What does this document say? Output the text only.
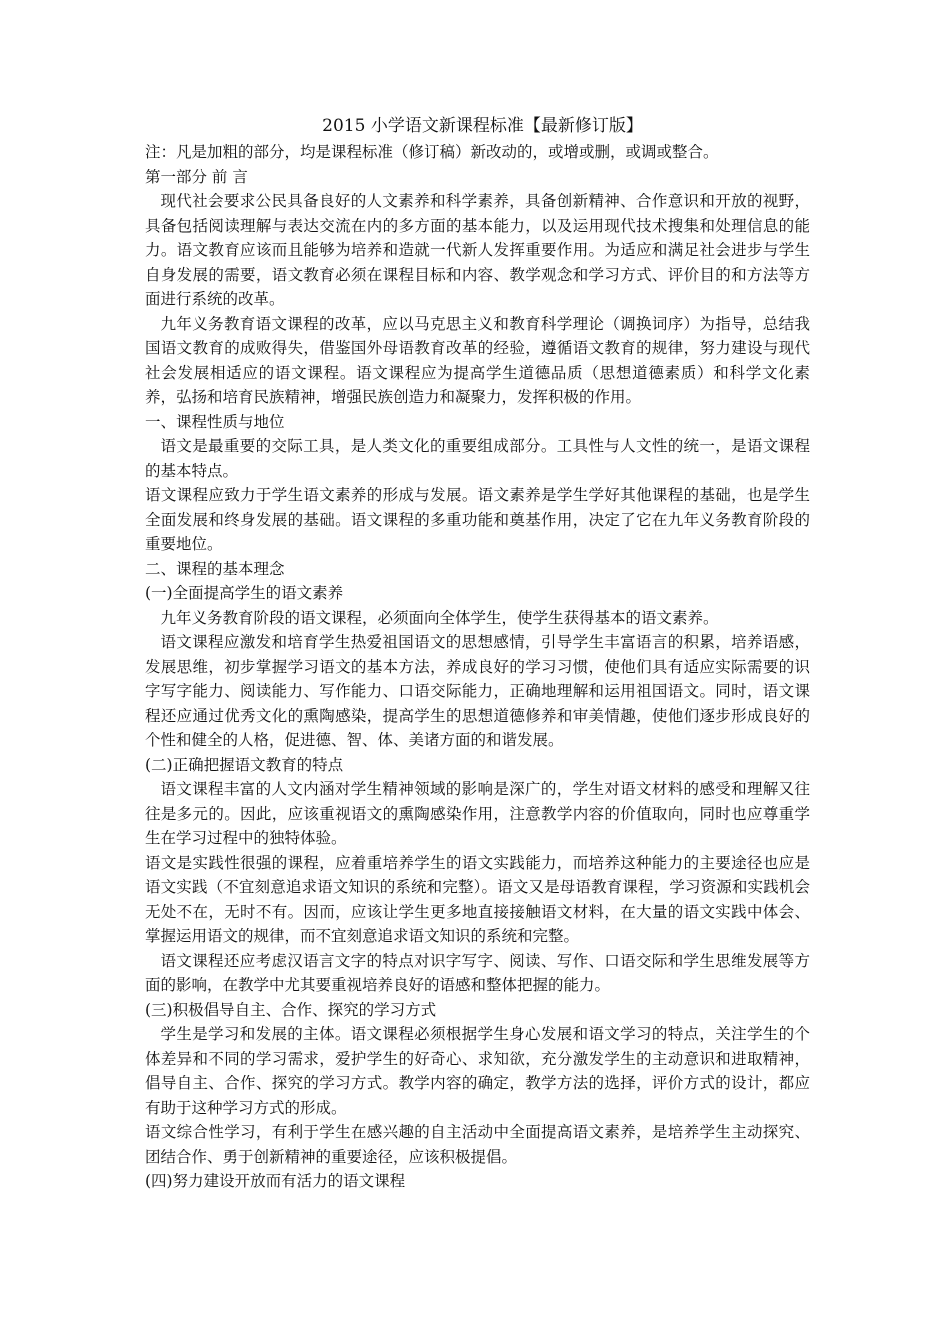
2015 小学语文新课程标准【最新修订版】

注：凡是加粗的部分，均是课程标准（修订稿）新改动的，或增或删，或调或整合。

第一部分 前 言

现代社会要求公民具备良好的人文素养和科学素养，具备创新精神、合作意识和开放的视野，具备包括阅读理解与表达交流在内的多方面的基本能力，以及运用现代技术搜集和处理信息的能力。语文教育应该而且能够为培养和造就一代新人发挥重要作用。为适应和满足社会进步与学生自身发展的需要，语文教育必须在课程目标和内容、教学观念和学习方式、评价目的和方法等方面进行系统的改革。

九年义务教育语文课程的改革，应以马克思主义和教育科学理论（调换词序）为指导，总结我国语文教育的成败得失，借鉴国外母语教育改革的经验，遵循语文教育的规律，努力建设与现代社会发展相适应的语文课程。语文课程应为提高学生道德品质（思想道德素质）和科学文化素养，弘扬和培育民族精神，增强民族创造力和凝聚力，发挥积极的作用。

一、课程性质与地位

语文是最重要的交际工具，是人类文化的重要组成部分。工具性与人文性的统一，是语文课程的基本特点。

语文课程应致力于学生语文素养的形成与发展。语文素养是学生学好其他课程的基础，也是学生全面发展和终身发展的基础。语文课程的多重功能和奠基作用，决定了它在九年义务教育阶段的重要地位。

二、课程的基本理念

(一)全面提高学生的语文素养

九年义务教育阶段的语文课程，必须面向全体学生，使学生获得基本的语文素养。

语文课程应激发和培育学生热爱祖国语文的思想感情，引导学生丰富语言的积累，培养语感，发展思维，初步掌握学习语文的基本方法，养成良好的学习习惯，使他们具有适应实际需要的识字写字能力、阅读能力、写作能力、口语交际能力，正确地理解和运用祖国语文。同时，语文课程还应通过优秀文化的熏陶感染，提高学生的思想道德修养和审美情趣，使他们逐步形成良好的个性和健全的人格，促进德、智、体、美诸方面的和谐发展。

(二)正确把握语文教育的特点

语文课程丰富的人文内涵对学生精神领域的影响是深广的，学生对语文材料的感受和理解又往往是多元的。因此，应该重视语文的熏陶感染作用，注意教学内容的价值取向，同时也应尊重学生在学习过程中的独特体验。

语文是实践性很强的课程，应着重培养学生的语文实践能力，而培养这种能力的主要途径也应是语文实践（不宜刻意追求语文知识的系统和完整）。语文又是母语教育课程，学习资源和实践机会无处不在，无时不有。因而，应该让学生更多地直接接触语文材料，在大量的语文实践中体会、掌握运用语文的规律，而不宜刻意追求语文知识的系统和完整。

语文课程还应考虑汉语言文字的特点对识字写字、阅读、写作、口语交际和学生思维发展等方面的影响，在教学中尤其要重视培养良好的语感和整体把握的能力。

(三)积极倡导自主、合作、探究的学习方式

学生是学习和发展的主体。语文课程必须根据学生身心发展和语文学习的特点，关注学生的个体差异和不同的学习需求，爱护学生的好奇心、求知欲，充分激发学生的主动意识和进取精神，倡导自主、合作、探究的学习方式。教学内容的确定，教学方法的选择，评价方式的设计，都应有助于这种学习方式的形成。

语文综合性学习，有利于学生在感兴趣的自主活动中全面提高语文素养，是培养学生主动探究、团结合作、勇于创新精神的重要途径，应该积极提倡。

(四)努力建设开放而有活力的语文课程
